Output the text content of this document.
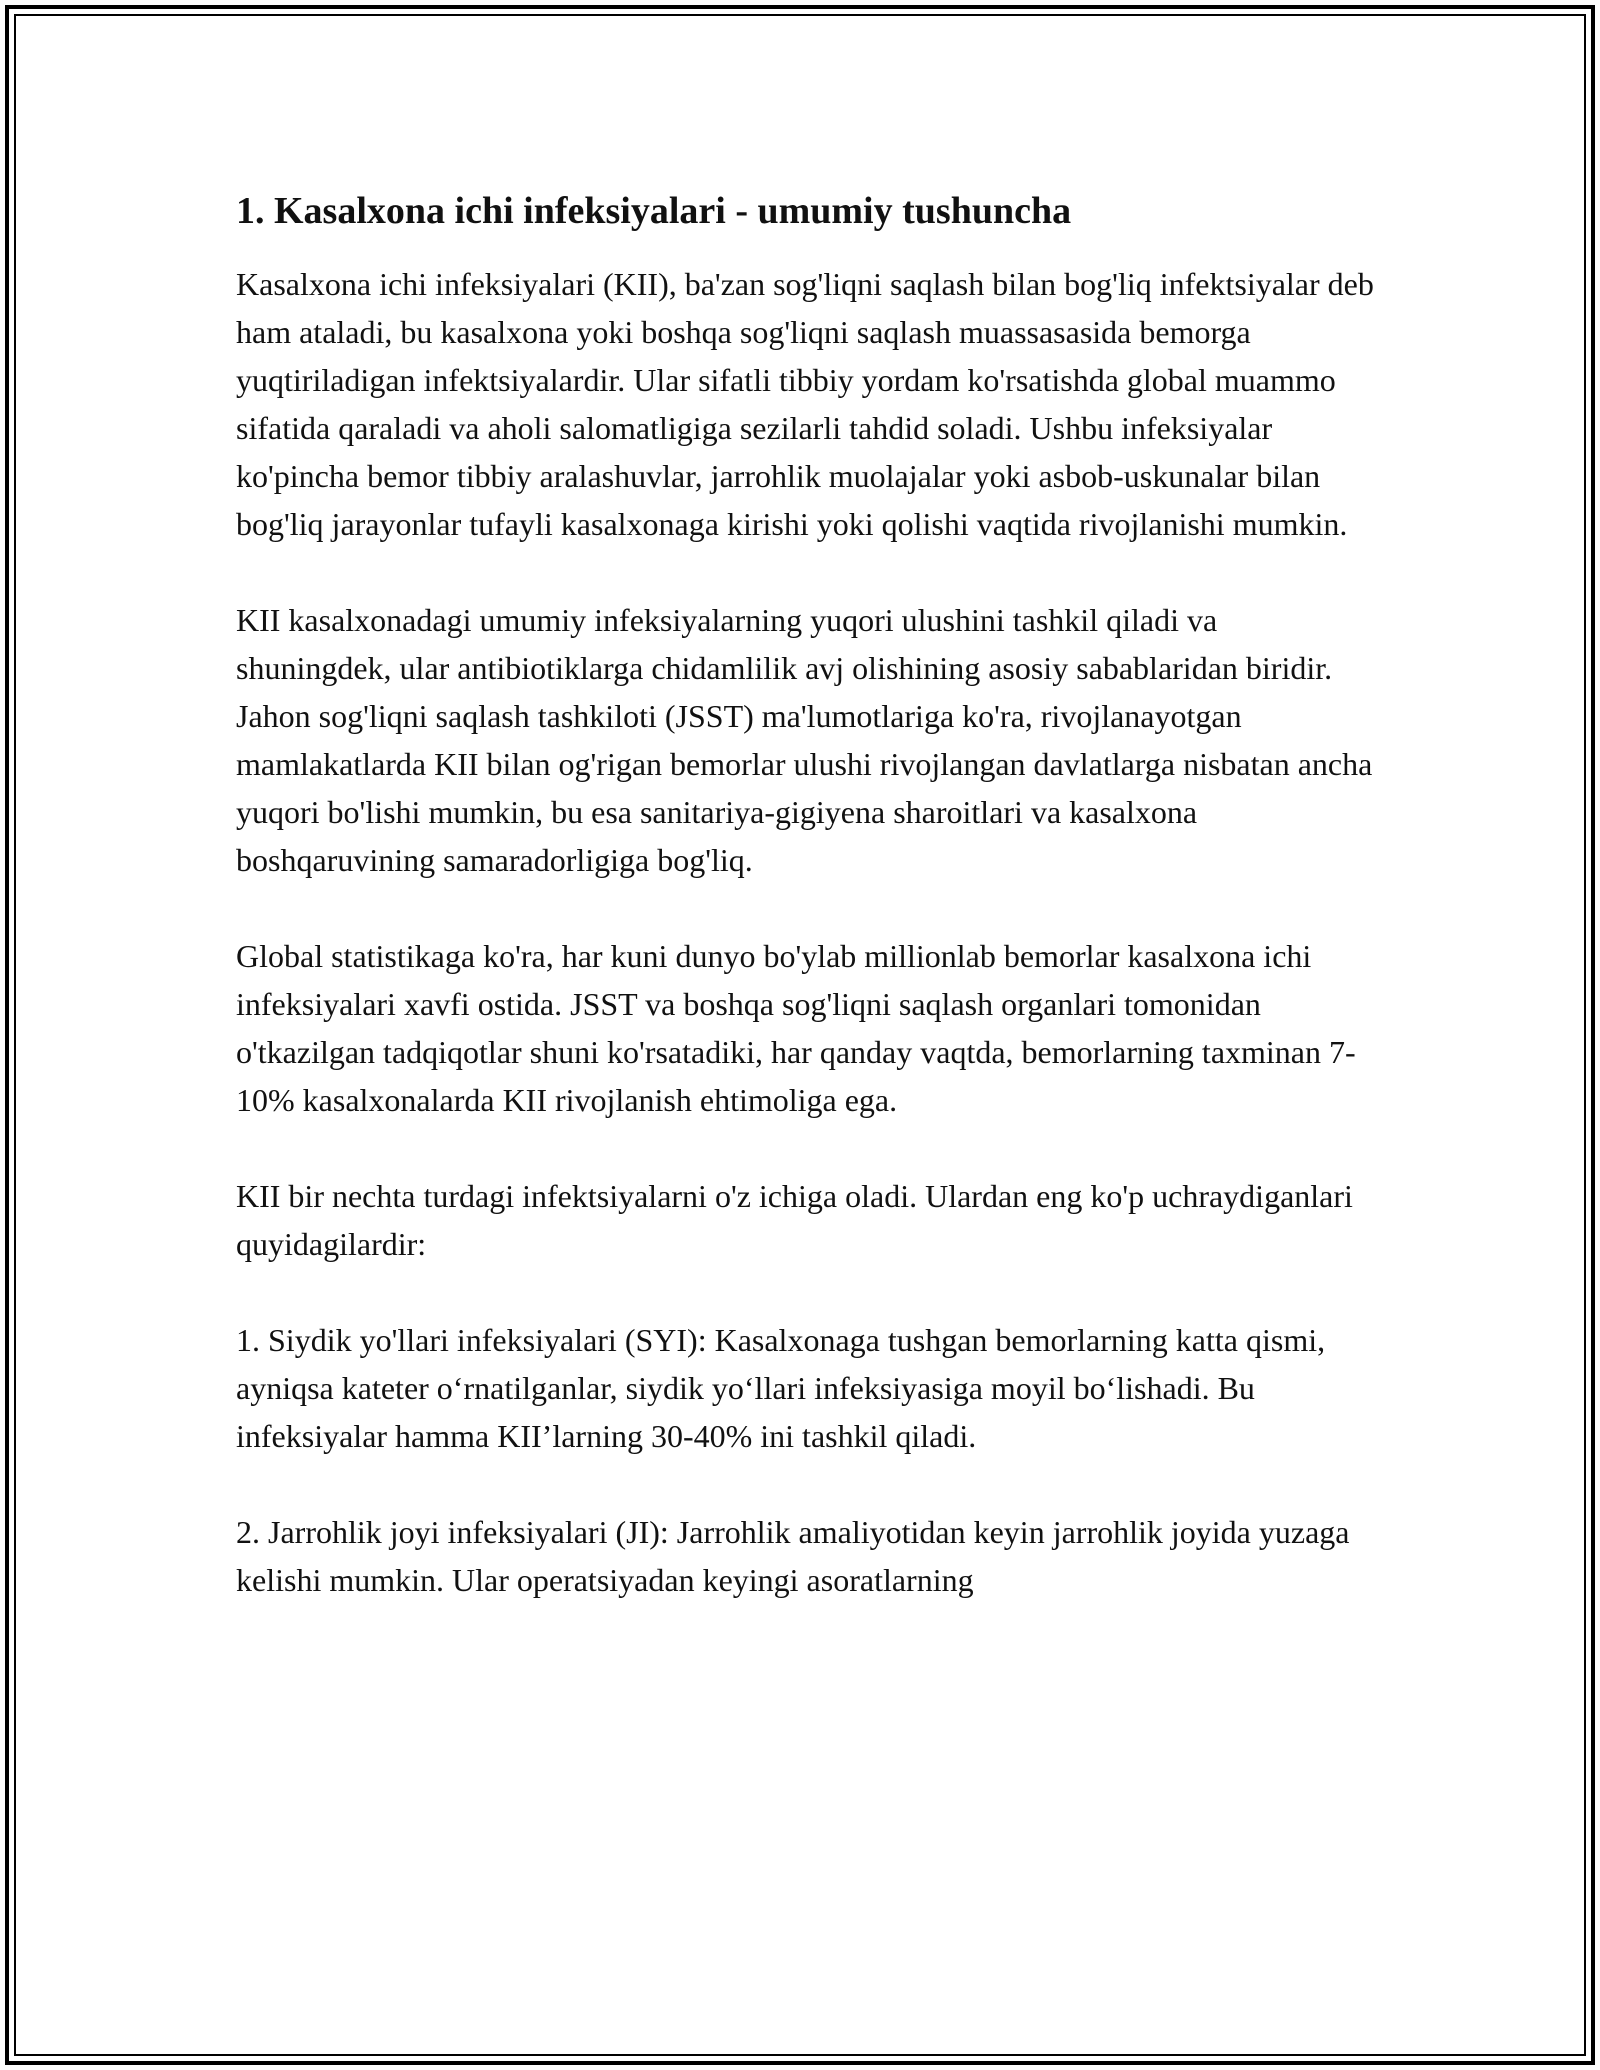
1. Kasalxona ichi infeksiyalari - umumiy tushuncha

Kasalxona ichi infeksiyalari (KII), ba'zan sog'liqni saqlash bilan bog'liq infektsiyalar deb ham ataladi, bu kasalxona yoki boshqa sog'liqni saqlash muassasasida bemorga yuqtiriladigan infektsiyalardir. Ular sifatli tibbiy yordam ko'rsatishda global muammo sifatida qaraladi va aholi salomatligiga sezilarli tahdid soladi. Ushbu infeksiyalar ko'pincha bemor tibbiy aralashuvlar, jarrohlik muolajalar yoki asbob-uskunalar bilan bog'liq jarayonlar tufayli kasalxonaga kirishi yoki qolishi vaqtida rivojlanishi mumkin.

KII kasalxonadagi umumiy infeksiyalarning yuqori ulushini tashkil qiladi va shuningdek, ular antibiotiklarga chidamlilik avj olishining asosiy sabablaridan biridir. Jahon sog'liqni saqlash tashkiloti (JSST) ma'lumotlariga ko'ra, rivojlanayotgan mamlakatlarda KII bilan og'rigan bemorlar ulushi rivojlangan davlatlarga nisbatan ancha yuqori bo'lishi mumkin, bu esa sanitariya-gigiyena sharoitlari va kasalxona boshqaruvining samaradorligiga bog'liq.

Global statistikaga ko'ra, har kuni dunyo bo'ylab millionlab bemorlar kasalxona ichi infeksiyalari xavfi ostida. JSST va boshqa sog'liqni saqlash organlari tomonidan o'tkazilgan tadqiqotlar shuni ko'rsatadiki, har qanday vaqtda, bemorlarning taxminan 7-10% kasalxonalarda KII rivojlanish ehtimoliga ega.

KII bir nechta turdagi infektsiyalarni o'z ichiga oladi. Ulardan eng ko'p uchraydiganlari quyidagilardir:

1. Siydik yo'llari infeksiyalari (SYI): Kasalxonaga tushgan bemorlarning katta qismi, ayniqsa kateter o‘rnatilganlar, siydik yo‘llari infeksiyasiga moyil bo‘lishadi. Bu infeksiyalar hamma KII’larning 30-40% ini tashkil qiladi.

2. Jarrohlik joyi infeksiyalari (JI): Jarrohlik amaliyotidan keyin jarrohlik joyida yuzaga kelishi mumkin. Ular operatsiyadan keyingi asoratlarning
